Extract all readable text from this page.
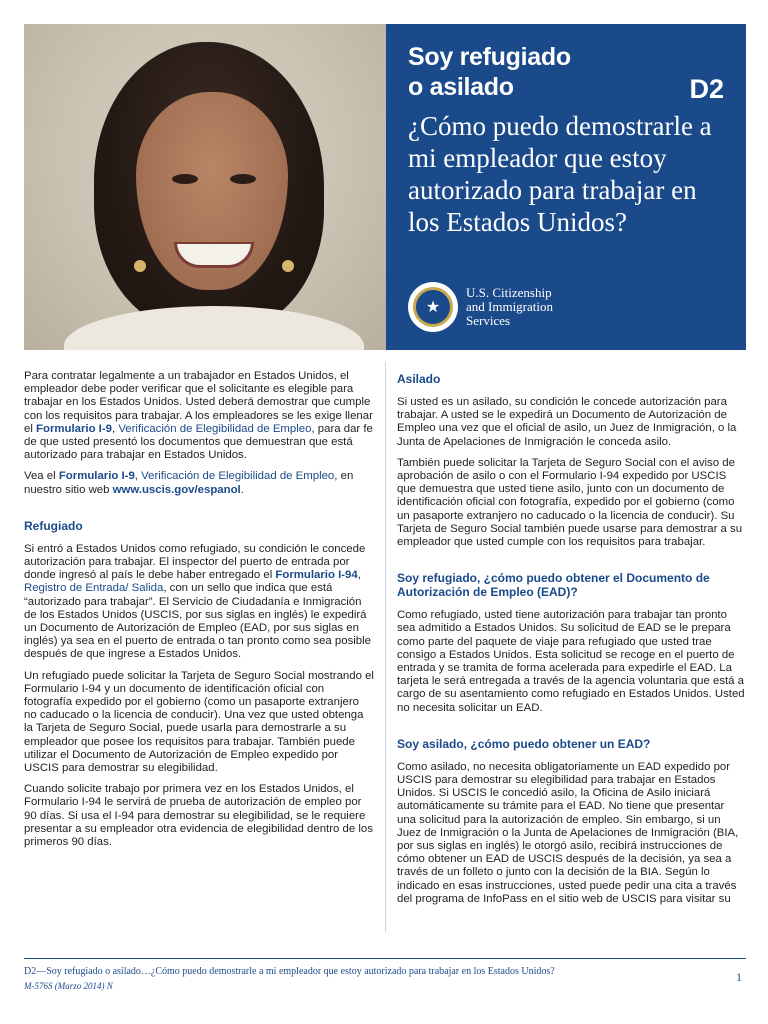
Soy refugiado
o asilado	D2
¿Cómo puedo demostrarle a mi empleador que estoy autorizado para trabajar en los Estados Unidos?
★
U.S. Citizenship
and Immigration
Services

Para contratar legalmente a un trabajador en Estados Unidos, el empleador debe poder verificar que el solicitante es elegible para trabajar en los Estados Unidos. Usted deberá demostrar que cumple con los requisitos para trabajar. A los empleadores se les exige llenar el Formulario I-9, Verificación de Elegibilidad de Empleo, para dar fe de que usted presentó los documentos que demuestran que está autorizado para trabajar en Estados Unidos.

Vea el Formulario I-9, Verificación de Elegibilidad de Empleo, en nuestro sitio web www.uscis.gov/espanol.

Refugiado

Si entró a Estados Unidos como refugiado, su condición le concede autorización para trabajar. El inspector del puerto de entrada por donde ingresó al país le debe haber entregado el Formulario I-94, Registro de Entrada/ Salida, con un sello que indica que está “autorizado para trabajar”. El Servicio de Ciudadanía e Inmigración de los Estados Unidos (USCIS, por sus siglas en inglés) le expedirá un Documento de Autorización de Empleo (EAD, por sus siglas en inglés) ya sea en el puerto de entrada o tan pronto como sea posible después de que ingrese a Estados Unidos.

Un refugiado puede solicitar la Tarjeta de Seguro Social mostrando el Formulario I-94 y un documento de identificación oficial con fotografía expedido por el gobierno (como un pasaporte extranjero no caducado o la licencia de conducir). Una vez que usted obtenga la Tarjeta de Seguro Social, puede usarla para demostrarle a su empleador que posee los requisitos para trabajar. También puede utilizar el Documento de Autorización de Empleo expedido por USCIS para demostrar su elegibilidad.

Cuando solicite trabajo por primera vez en los Estados Unidos, el Formulario I-94 le servirá de prueba de autorización de empleo por 90 días. Si usa el I-94 para demostrar su elegibilidad, se le requiere presentar a su empleador otra evidencia de elegibilidad dentro de los primeros 90 días.

Asilado

Si usted es un asilado, su condición le concede autorización para trabajar. A usted se le expedirá un Documento de Autorización de Empleo una vez que el oficial de asilo, un Juez de Inmigración, o la Junta de Apelaciones de Inmigración le conceda asilo.

También puede solicitar la Tarjeta de Seguro Social con el aviso de aprobación de asilo o con el Formulario I-94 expedido por USCIS que demuestra que usted tiene asilo, junto con un documento de identificación oficial con fotografía, expedido por el gobierno (como un pasaporte extranjero no caducado o la licencia de conducir). Su Tarjeta de Seguro Social también puede usarse para demostrar a su empleador que usted cumple con los requisitos para trabajar.

Soy refugiado, ¿cómo puedo obtener el Documento de Autorización de Empleo (EAD)?

Como refugiado, usted tiene autorización para trabajar tan pronto sea admitido a Estados Unidos. Su solicitud de EAD se le prepara como parte del paquete de viaje para refugiado que usted trae consigo a Estados Unidos. Esta solicitud se recoge en el puerto de entrada y se tramita de forma acelerada para expedirle el EAD. La tarjeta le será entregada a través de la agencia voluntaria que está a cargo de su asentamiento como refugiado en Estados Unidos. Usted no necesita solicitar un EAD.

Soy asilado, ¿cómo puedo obtener un EAD?

Como asilado, no necesita obligatoriamente un EAD expedido por USCIS para demostrar su elegibilidad para trabajar en Estados Unidos. Si USCIS le concedió asilo, la Oficina de Asilo iniciará automáticamente su trámite para el EAD. No tiene que presentar una solicitud para la autorización de empleo. Sin embargo, si un Juez de Inmigración o la Junta de Apelaciones de Inmigración (BIA, por sus siglas en inglés) le otorgó asilo, recibirá instrucciones de cómo obtener un EAD de USCIS después de la decisión, ya sea a través de un folleto o junto con la decisión de la BIA. Según lo indicado en esas instrucciones, usted puede pedir una cita a través del programa de InfoPass en el sitio web de USCIS para visitar su

D2—Soy refugiado o asilado…¿Cómo puedo demostrarle a mi empleador que estoy autorizado para trabajar en los Estados Unidos?
M-576S (Marzo 2014) N
1
